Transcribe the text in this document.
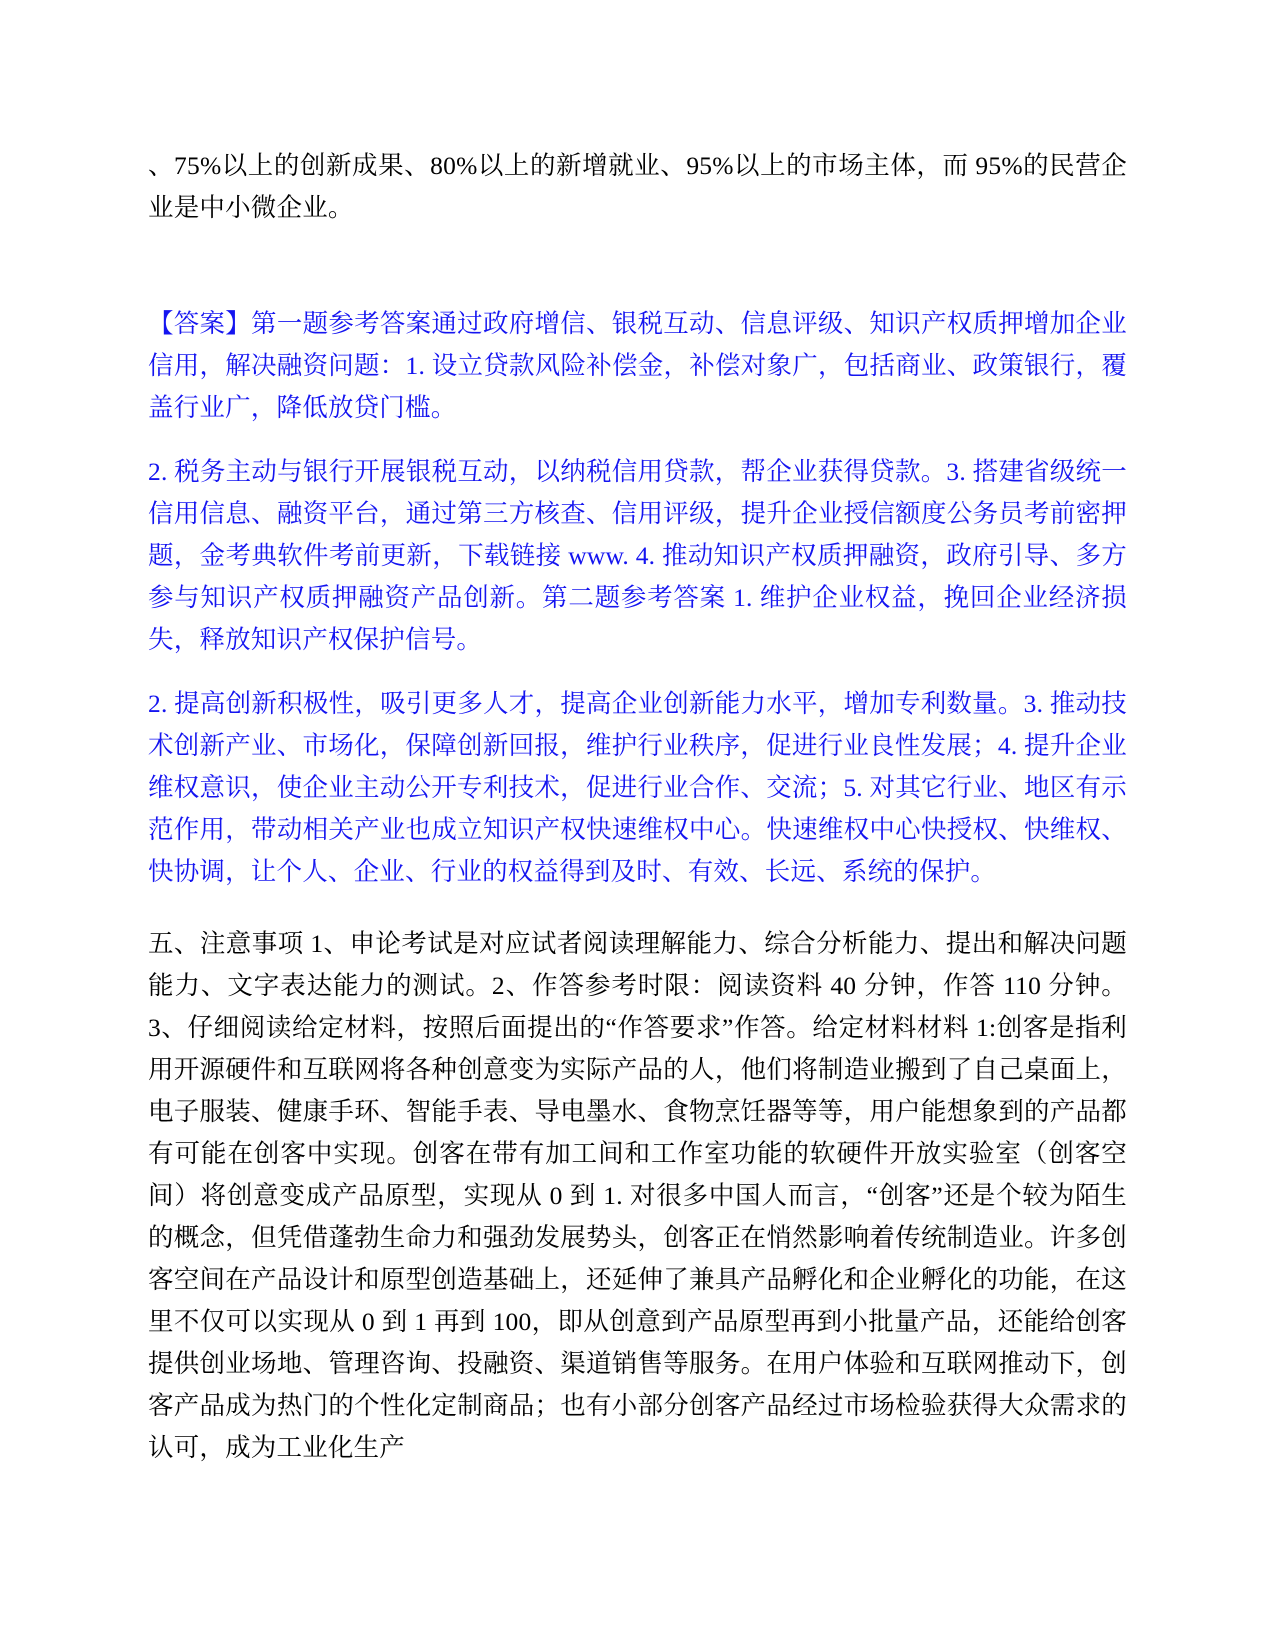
、75%以上的创新成果、80%以上的新增就业、95%以上的市场主体，而 95%的民营企业是中小微企业。

【答案】第一题参考答案通过政府增信、银税互动、信息评级、知识产权质押增加企业信用，解决融资问题：1. 设立贷款风险补偿金，补偿对象广，包括商业、政策银行，覆盖行业广，降低放贷门槛。

2. 税务主动与银行开展银税互动，以纳税信用贷款，帮企业获得贷款。3. 搭建省级统一信用信息、融资平台，通过第三方核查、信用评级，提升企业授信额度公务员考前密押题，金考典软件考前更新，下载链接 www. 4. 推动知识产权质押融资，政府引导、多方参与知识产权质押融资产品创新。第二题参考答案 1. 维护企业权益，挽回企业经济损失，释放知识产权保护信号。

2. 提高创新积极性，吸引更多人才，提高企业创新能力水平，增加专利数量。3. 推动技术创新产业、市场化，保障创新回报，维护行业秩序，促进行业良性发展；4. 提升企业维权意识，使企业主动公开专利技术，促进行业合作、交流；5. 对其它行业、地区有示范作用，带动相关产业也成立知识产权快速维权中心。快速维权中心快授权、快维权、快协调，让个人、企业、行业的权益得到及时、有效、长远、系统的保护。

五、注意事项 1、申论考试是对应试者阅读理解能力、综合分析能力、提出和解决问题能力、文字表达能力的测试。2、作答参考时限：阅读资料 40 分钟，作答 110 分钟。3、仔细阅读给定材料，按照后面提出的“作答要求”作答。给定材料材料 1:创客是指利用开源硬件和互联网将各种创意变为实际产品的人，他们将制造业搬到了自己桌面上，电子服装、健康手环、智能手表、导电墨水、食物烹饪器等等，用户能想象到的产品都有可能在创客中实现。创客在带有加工间和工作室功能的软硬件开放实验室（创客空间）将创意变成产品原型，实现从 0 到 1. 对很多中国人而言，“创客”还是个较为陌生的概念，但凭借蓬勃生命力和强劲发展势头，创客正在悄然影响着传统制造业。许多创客空间在产品设计和原型创造基础上，还延伸了兼具产品孵化和企业孵化的功能，在这里不仅可以实现从 0 到 1 再到 100，即从创意到产品原型再到小批量产品，还能给创客提供创业场地、管理咨询、投融资、渠道销售等服务。在用户体验和互联网推动下，创客产品成为热门的个性化定制商品；也有小部分创客产品经过市场检验获得大众需求的认可，成为工业化生产
